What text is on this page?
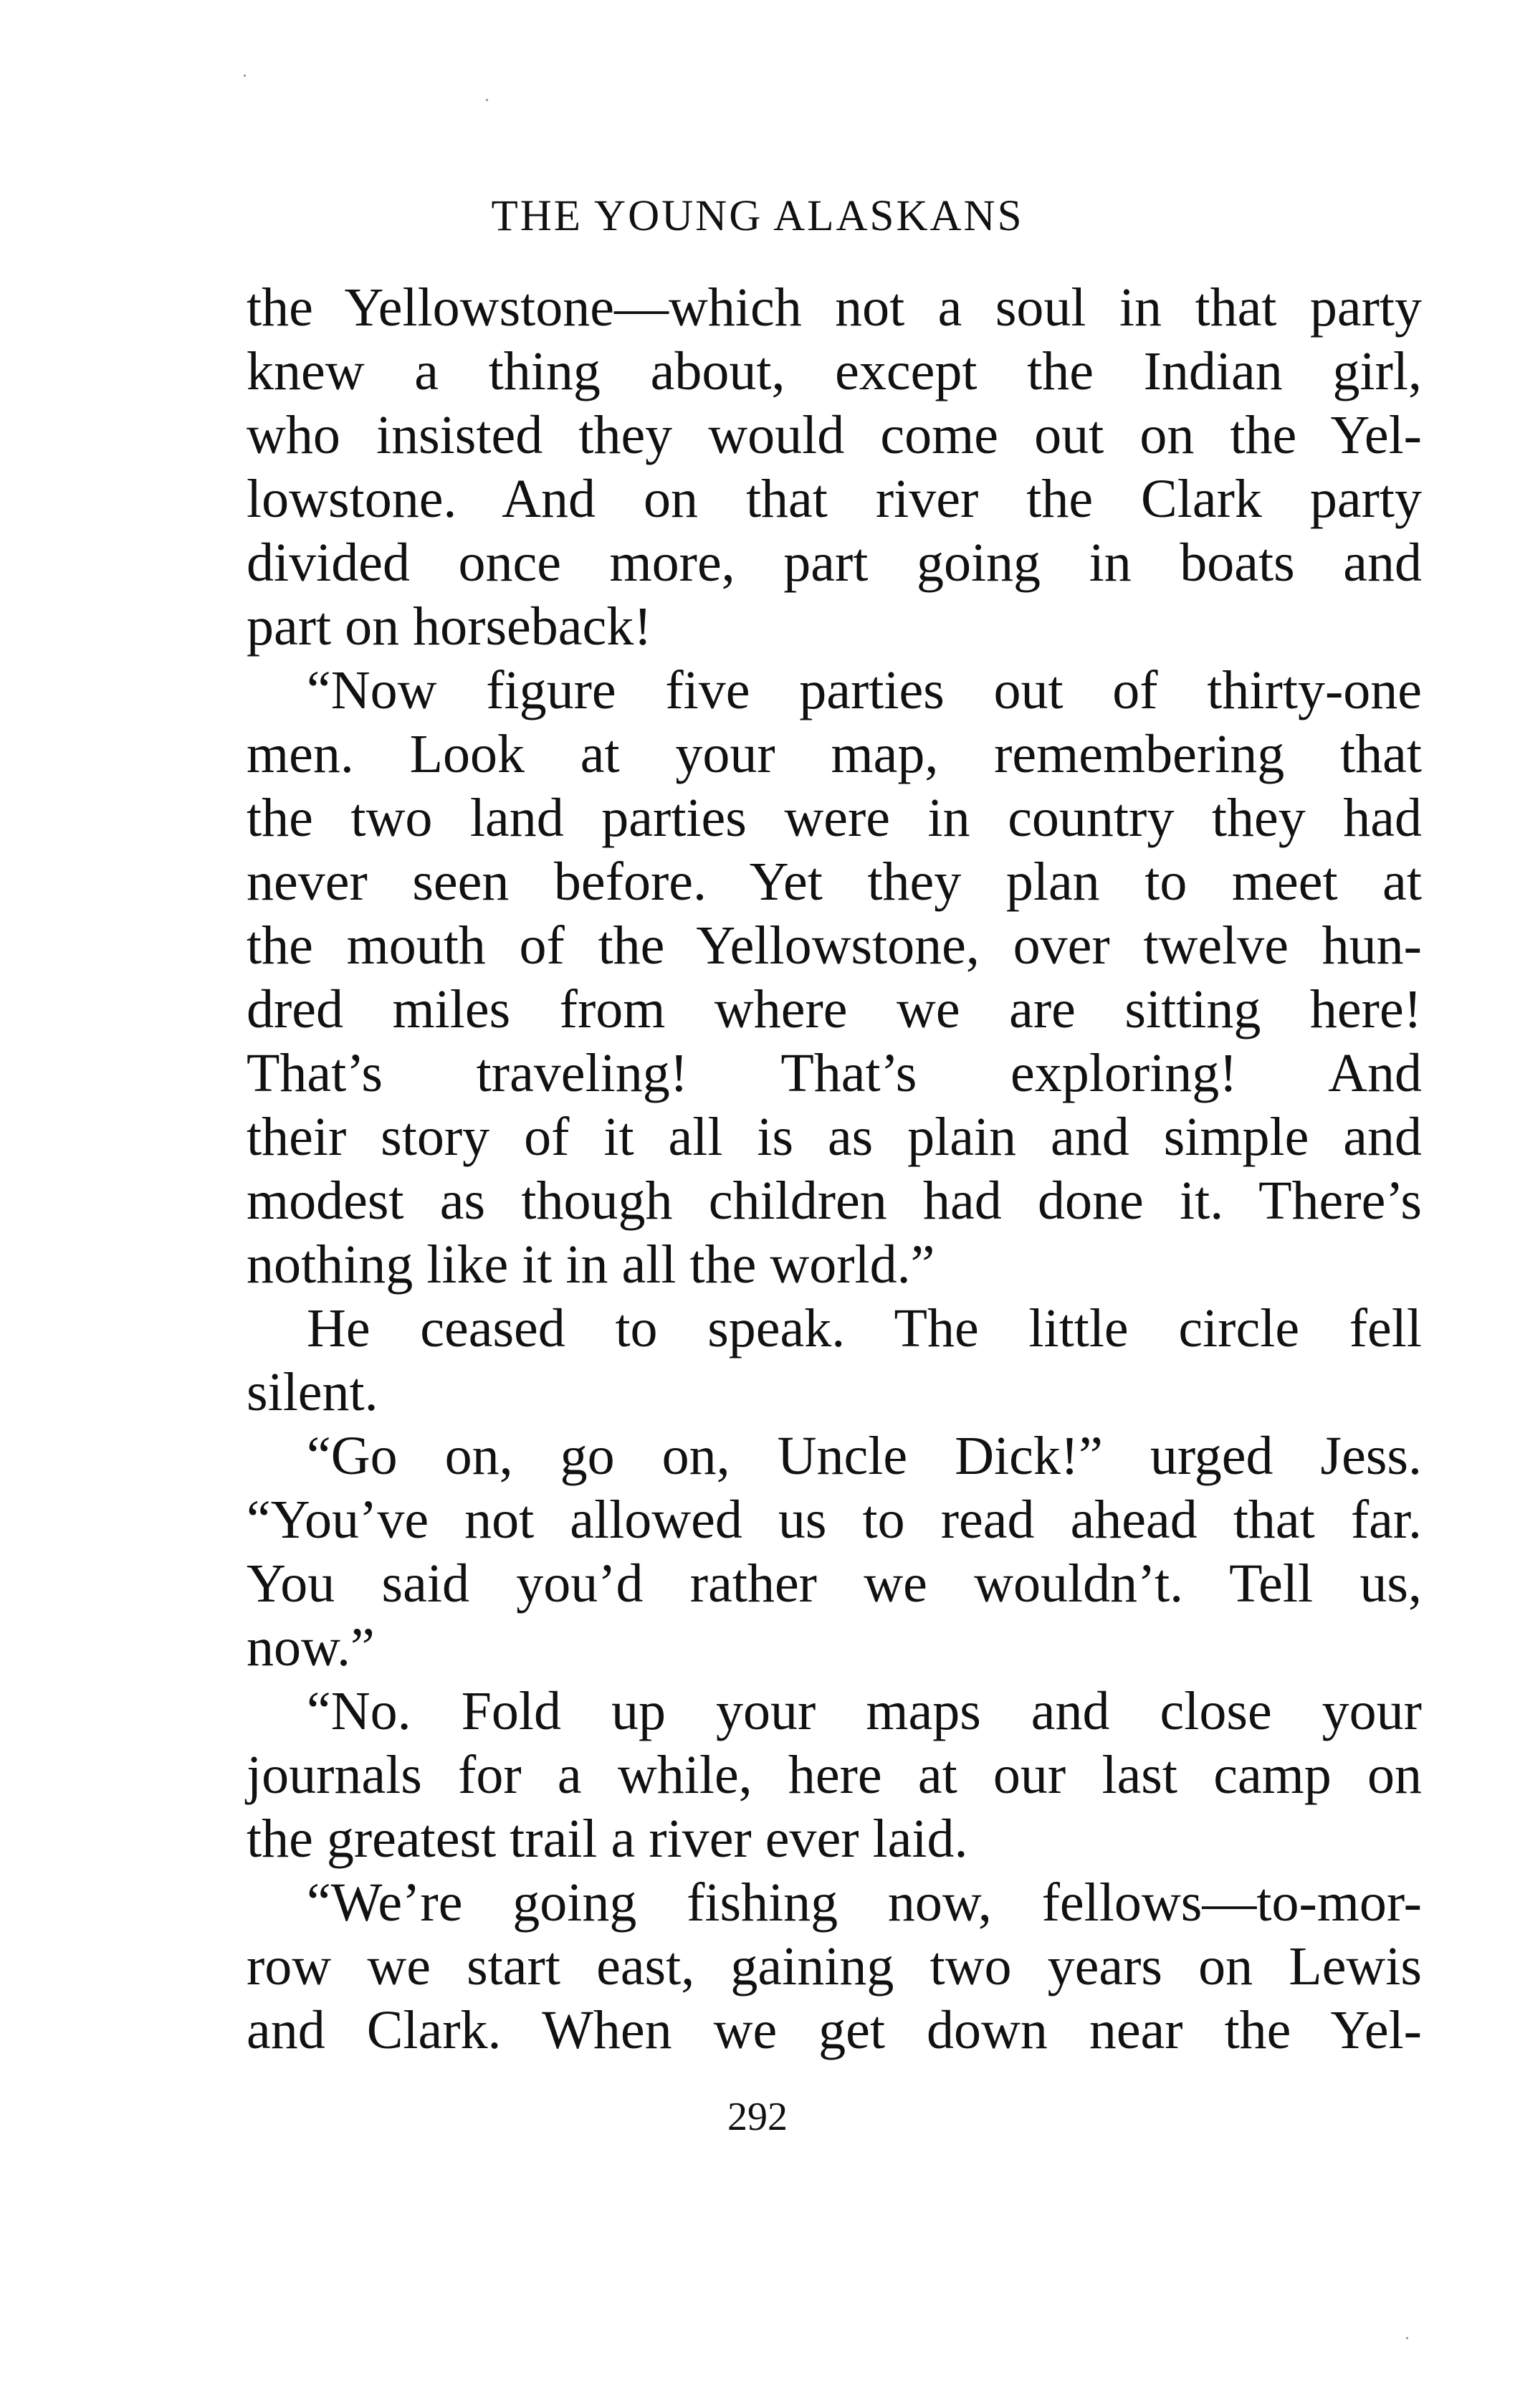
THE YOUNG ALASKANS
the Yellowstone—which not a soul in that party
knew a thing about, except the Indian girl,
who insisted they would come out on the Yel-
lowstone. And on that river the Clark party
divided once more, part going in boats and
part on horseback!
“Now figure five parties out of thirty-one
men. Look at your map, remembering that
the two land parties were in country they had
never seen before. Yet they plan to meet at
the mouth of the Yellowstone, over twelve hun-
dred miles from where we are sitting here!
That’s traveling! That’s exploring! And
their story of it all is as plain and simple and
modest as though children had done it. There’s
nothing like it in all the world.”
He ceased to speak. The little circle fell
silent.
“Go on, go on, Uncle Dick!” urged Jess.
“You’ve not allowed us to read ahead that far.
You said you’d rather we wouldn’t. Tell us,
now.”
“No. Fold up your maps and close your
journals for a while, here at our last camp on
the greatest trail a river ever laid.
“We’re going fishing now, fellows—to-mor-
row we start east, gaining two years on Lewis
and Clark. When we get down near the Yel-
292
